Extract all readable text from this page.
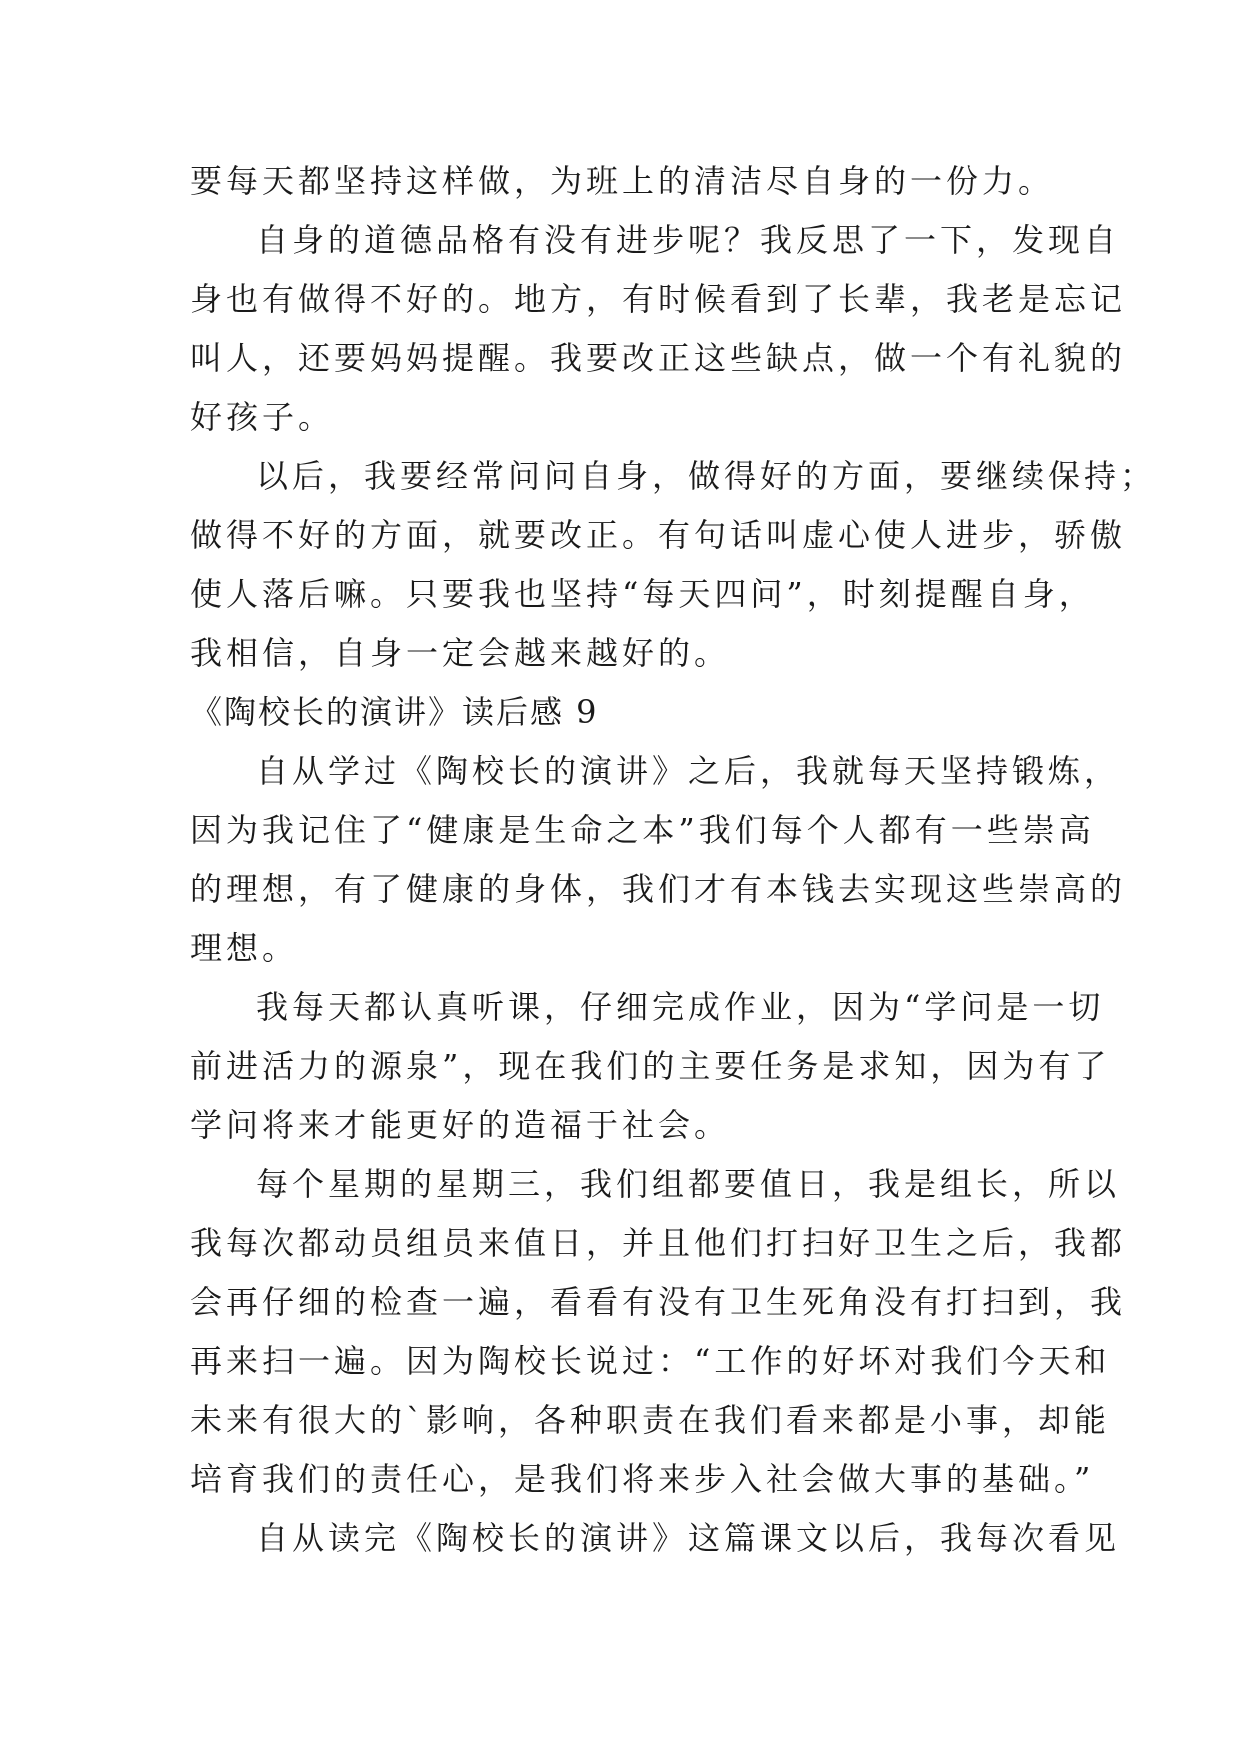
要每天都坚持这样做，为班上的清洁尽自身的一份力。
自身的道德品格有没有进步呢？我反思了一下，发现自
身也有做得不好的。地方，有时候看到了长辈，我老是忘记
叫人，还要妈妈提醒。我要改正这些缺点，做一个有礼貌的
好孩子。
以后，我要经常问问自身，做得好的方面，要继续保持；
做得不好的方面，就要改正。有句话叫虚心使人进步，骄傲
使人落后嘛。只要我也坚持“每天四问”，时刻提醒自身，
我相信，自身一定会越来越好的。
《陶校长的演讲》读后感 9
自从学过《陶校长的演讲》之后，我就每天坚持锻炼，
因为我记住了“健康是生命之本”我们每个人都有一些崇高
的理想，有了健康的身体，我们才有本钱去实现这些崇高的
理想。
我每天都认真听课，仔细完成作业，因为“学问是一切
前进活力的源泉”，现在我们的主要任务是求知，因为有了
学问将来才能更好的造福于社会。
每个星期的星期三，我们组都要值日，我是组长，所以
我每次都动员组员来值日，并且他们打扫好卫生之后，我都
会再仔细的检查一遍，看看有没有卫生死角没有打扫到，我
再来扫一遍。因为陶校长说过：“工作的好坏对我们今天和
未来有很大的`影响，各种职责在我们看来都是小事，却能
培育我们的责任心，是我们将来步入社会做大事的基础。”
自从读完《陶校长的演讲》这篇课文以后，我每次看见
